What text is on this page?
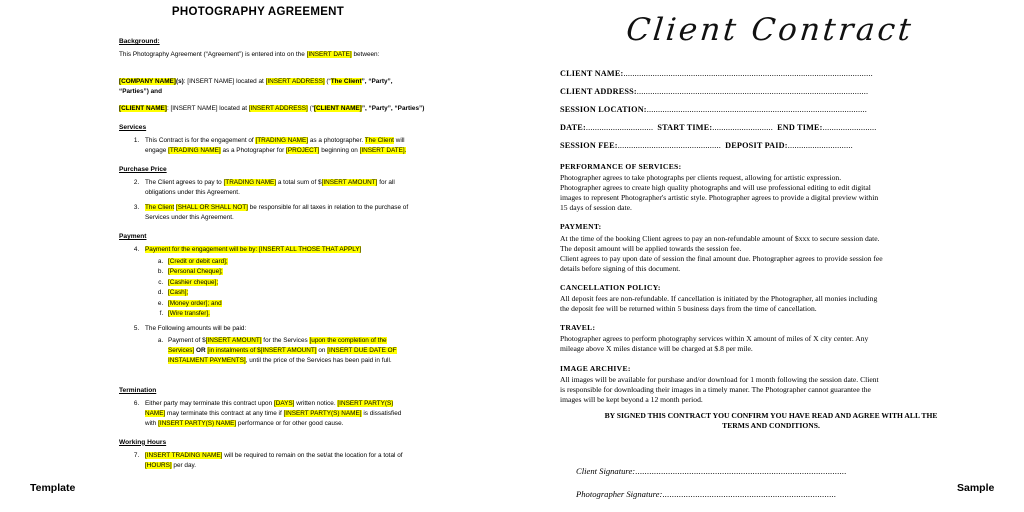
PHOTOGRAPHY AGREEMENT
Background:
This Photography Agreement (“Agreement”) is entered into on the [INSERT DATE] between:
[COMPANY NAME](s): [INSERT NAME] located at [INSERT ADDRESS] (“The Client”, “Party”,
“Parties”) and
[CLIENT NAME]: [INSERT NAME] located at [INSERT ADDRESS] (“[CLIENT NAME]”, “Party”, “Parties”)
Services
1. This Contract is for the engagement of [TRADING NAME] as a photographer. The Client will
engage [TRADING NAME] as a Photographer for [PROJECT] beginning on [INSERT DATE].
Purchase Price
2. The Client agrees to pay to [TRADING NAME] a total sum of $[INSERT AMOUNT] for all
obligations under this Agreement.
3. The Client [SHALL OR SHALL NOT] be responsible for all taxes in relation to the purchase of
Services under this Agreement.
Payment
4. Payment for the engagement will be by: [INSERT ALL THOSE THAT APPLY]
a. [Credit or debit card];
b. [Personal Cheque];
c. [Cashier cheque];
d. [Cash];
e. [Money order]; and
f. [Wire transfer].
5. The Following amounts will be paid:
a. Payment of $[INSERT AMOUNT] for the Services [upon the completion of the
Services] OR [in instalments of $[INSERT AMOUNT] on [INSERT DUE DATE OF
INSTALMENT PAYMENTS], until the price of the Services has been paid in full.
Termination
6. Either party may terminate this contract upon [DAYS] written notice. [INSERT PARTY(S)
NAME] may terminate this contract at any time if [INSERT PARTY(S) NAME] is dissatisfied
with [INSERT PARTY(S) NAME] performance or for other good cause.
Working Hours
7. [INSERT TRADING NAME] will be required to remain on the set/at the location for a total of
[HOURS] per day.
Client Contract
CLIENT NAME:...............................................................................................................
CLIENT ADDRESS:.......................................................................................................
SESSION LOCATION:..................................................................................................
DATE:.............................. START TIME:........................... END TIME:........................
SESSION FEE:.............................................. DEPOSIT PAID:.............................
PERFORMANCE OF SERVICES:
Photographer agrees to take photographs per clients request, allowing for artistic expression.
Photographer agrees to create high quality photographs and will use professional editing to edit digital
images to represent Photographer's artistic style. Photographer agrees to provide a digital preview within
15 days of session date.
PAYMENT:
At the time of the booking Client agrees to pay an non-refundable amount of $xxx to secure session date.
The deposit amount will be applied towards the session fee.
Client agrees to pay upon date of session the final amount due. Photographer agrees to provide session fee
details before signing of this document.
CANCELLATION POLICY:
All deposit fees are non-refundable. If cancellation is initiated by the Photographer, all monies including
the deposit fee will be returned within 5 business days from the time of cancellation.
TRAVEL:
Photographer agrees to perform photography services within X amount of miles of X city center. Any
mileage above X miles distance will be charged at $.8 per mile.
IMAGE ARCHIVE:
All images will be available for purshase and/or download for 1 month following the session date. Client
is responsible for downloading their images in a timely maner. The Photographer cannot guarantee the
images will be kept beyond a 12 month period.
BY SIGNED THIS CONTRACT YOU CONFIRM YOU HAVE READ AND AGREE WITH ALL THE
TERMS AND CONDITIONS.
Client Signature:..........................................................................................
Photographer Signature:..........................................................................
Template	Sample
